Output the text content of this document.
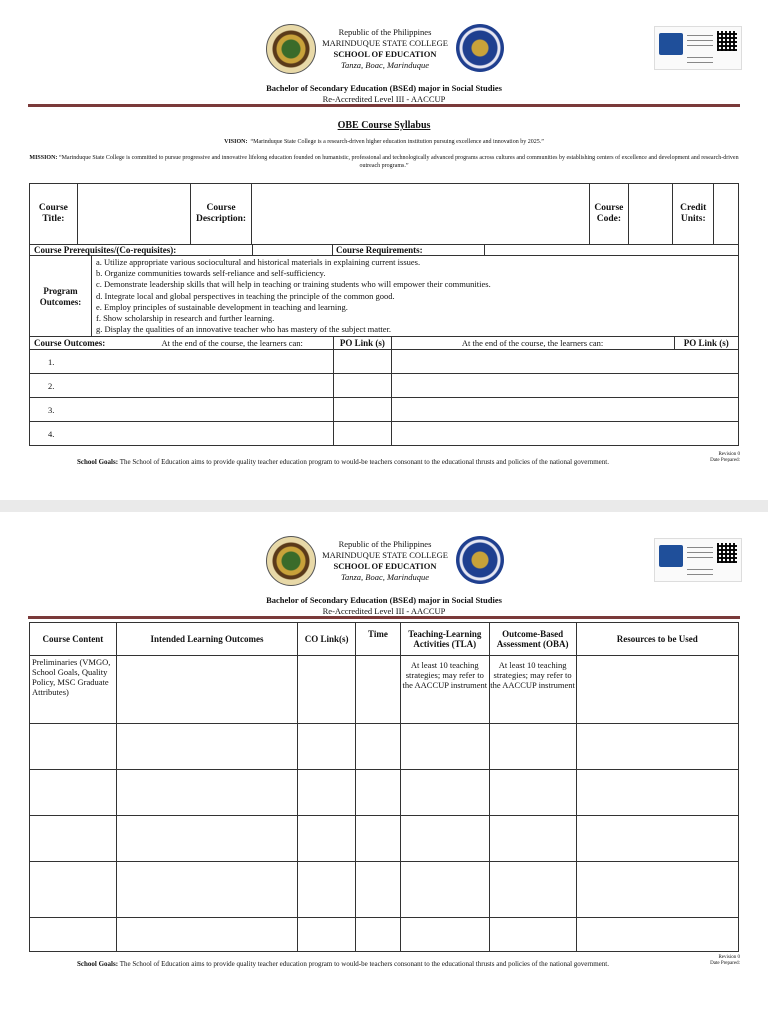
Republic of the Philippines
MARINDUQUE STATE COLLEGE
SCHOOL OF EDUCATION
Tanza, Boac, Marinduque
Bachelor of Secondary Education (BSEd) major in Social Studies
Re-Accredited Level III - AACCUP
OBE Course Syllabus
VISION: “Marinduque State College is a research-driven higher education institution pursuing excellence and innovation by 2025.”
MISSION: “Marinduque State College is committed to pursue progressive and innovative lifelong education founded on humanistic, professional and technologically advanced programs across cultures and communities by establishing centers of excellence and development and research-driven outreach programs.”
Course Title:		Course Description:		Course Code:		Credit Units:	
Course Prerequisites/(Co-requisites):		Course Requirements:	
Program Outcomes:
a. Utilize appropriate various sociocultural and historical materials in explaining current issues.
b. Organize communities towards self-reliance and self-sufficiency.
c. Demonstrate leadership skills that will help in teaching or training students who will empower their communities.
d. Integrate local and global perspectives in teaching the principle of the common good.
e. Employ principles of sustainable development in teaching and learning.
f. Show scholarship in research and further learning.
g. Display the qualities of an innovative teacher who has mastery of the subject matter.
Course Outcomes:	At the end of the course, the learners can:	PO Link (s)	At the end of the course, the learners can:	PO Link (s)
1.				
2.				
3.				
4.				
School Goals: The School of Education aims to provide quality teacher education program to would-be teachers consonant to the educational thrusts and policies of the national government.
Revision 0
Date Prepared:
Republic of the Philippines
MARINDUQUE STATE COLLEGE
SCHOOL OF EDUCATION
Tanza, Boac, Marinduque
Bachelor of Secondary Education (BSEd) major in Social Studies
Re-Accredited Level III - AACCUP
Course Content	Intended Learning Outcomes	CO Link(s)	Time	Teaching-Learning Activities (TLA)	Outcome-Based Assessment (OBA)	Resources to be Used
Preliminaries (VMGO, School Goals, Quality Policy, MSC Graduate Attributes)				At least 10 teaching strategies; may refer to the AACCUP instrument	At least 10 teaching strategies; may refer to the AACCUP instrument	

School Goals: The School of Education aims to provide quality teacher education program to would-be teachers consonant to the educational thrusts and policies of the national government.
Revision 0
Date Prepared:
